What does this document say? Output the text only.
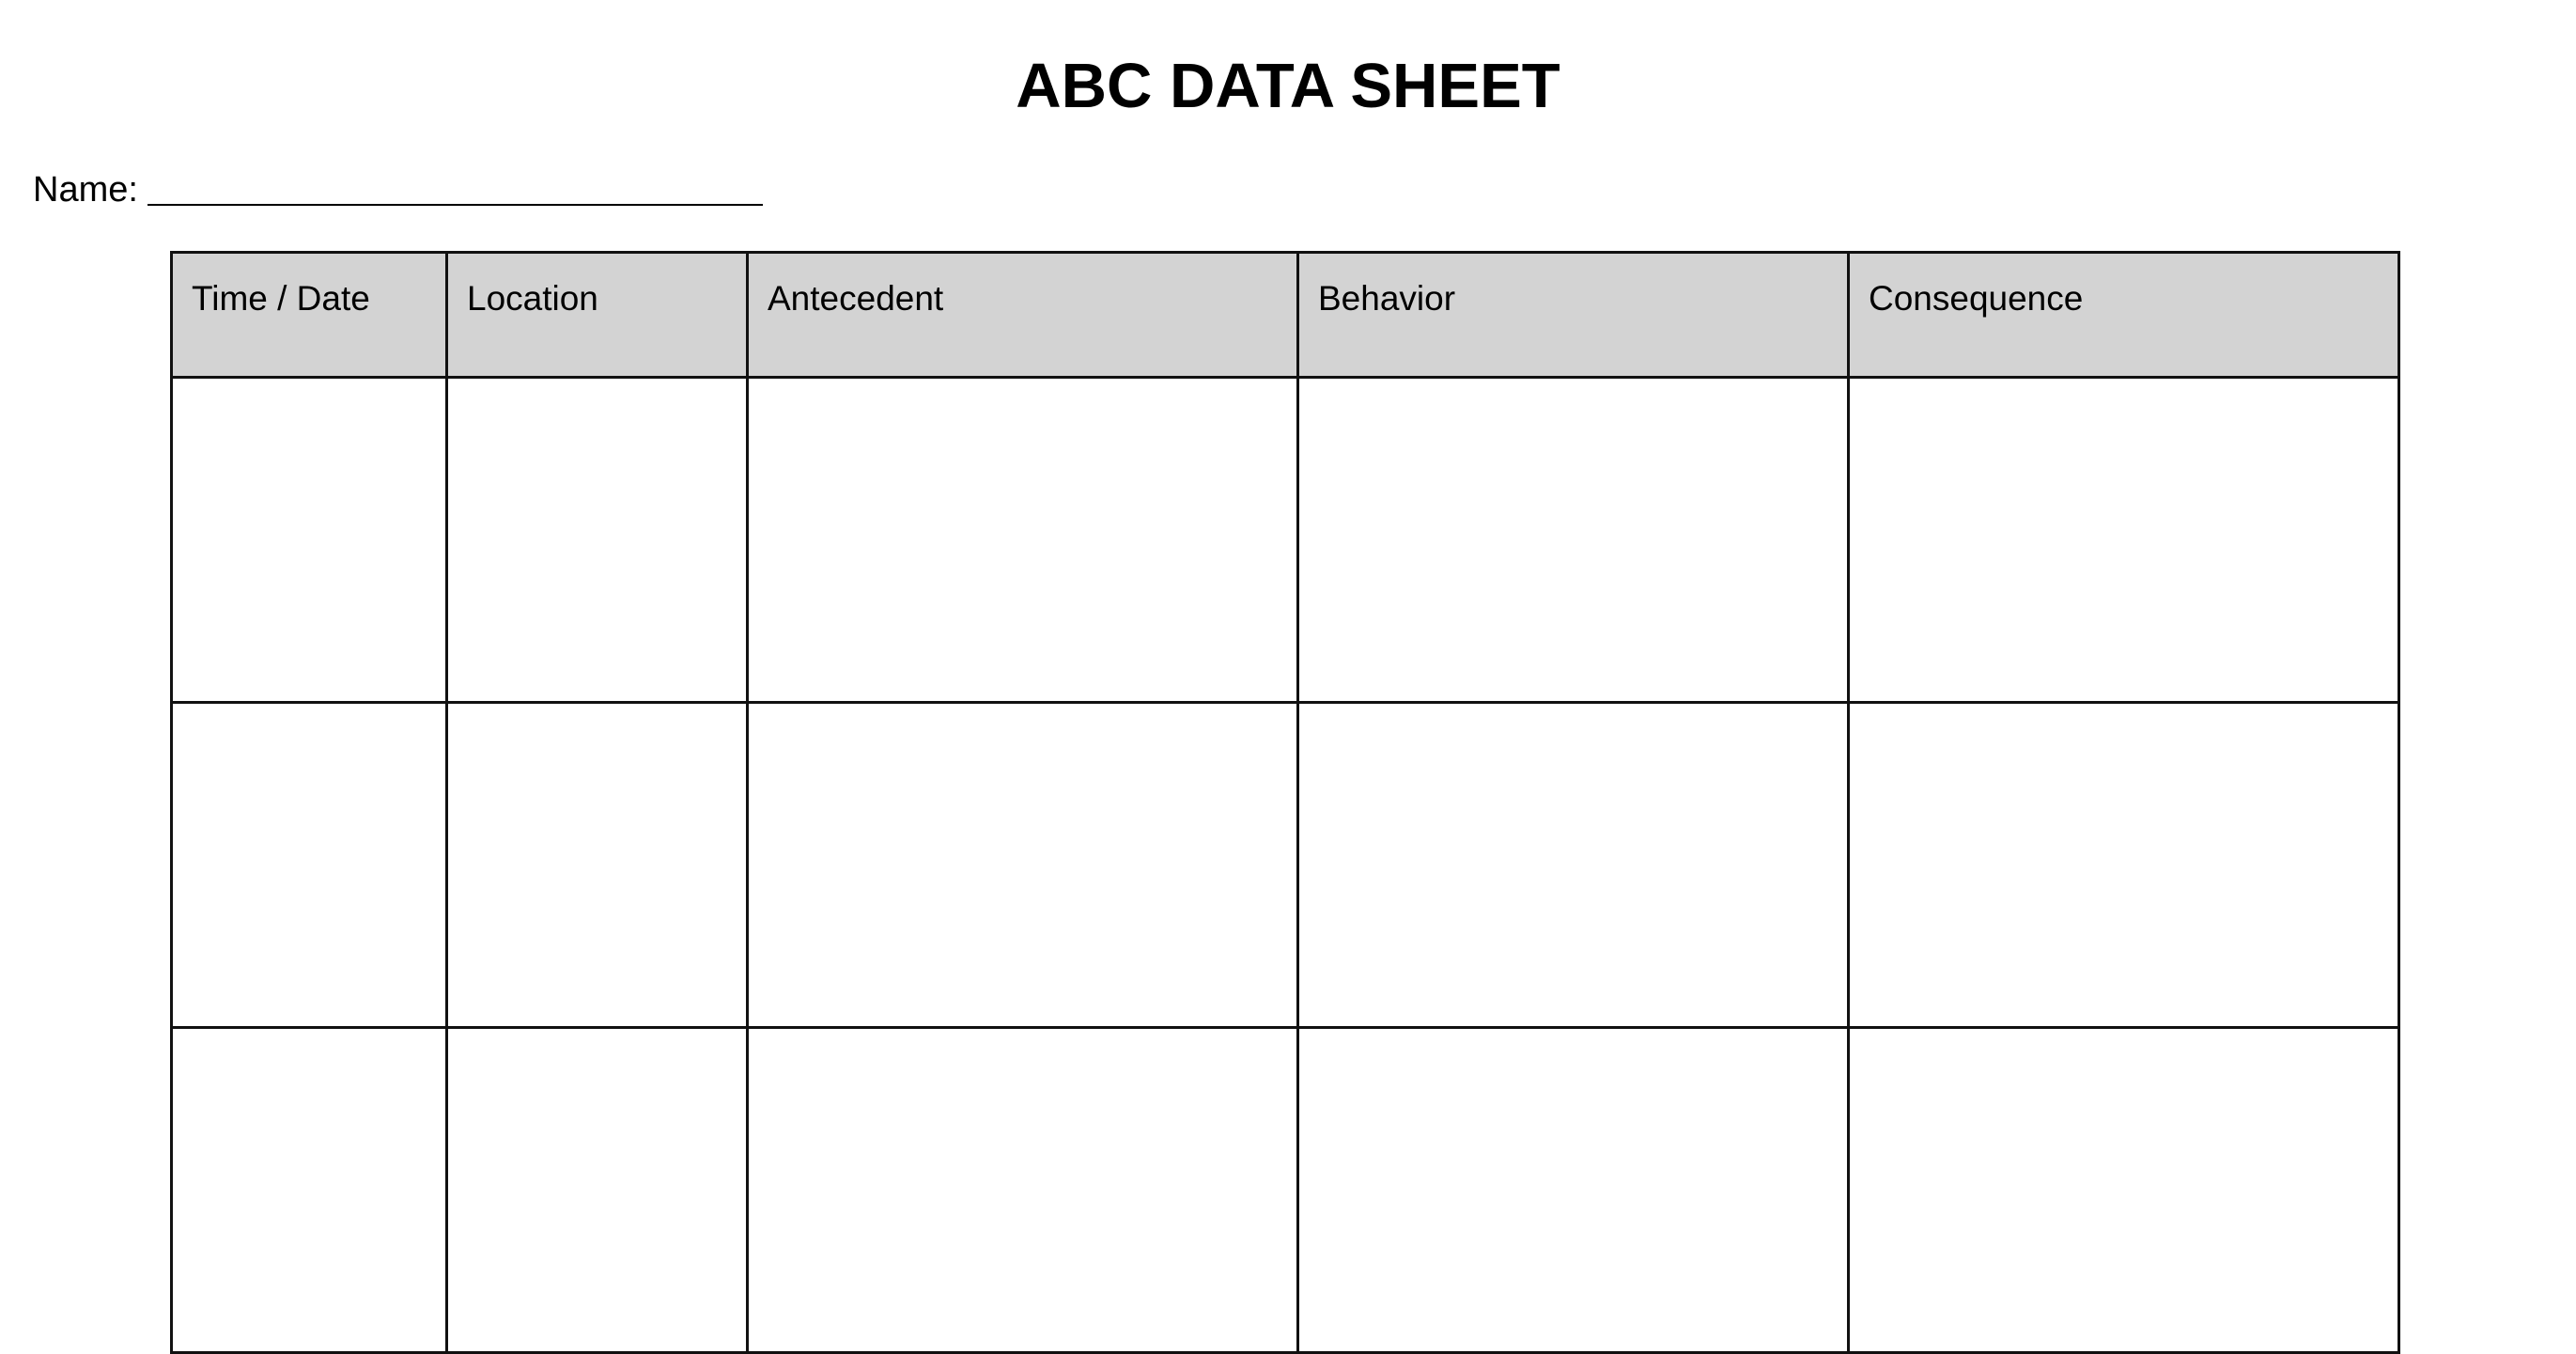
ABC DATA SHEET
Name:
Time / Date	Location	Antecedent	Behavior	Consequence
